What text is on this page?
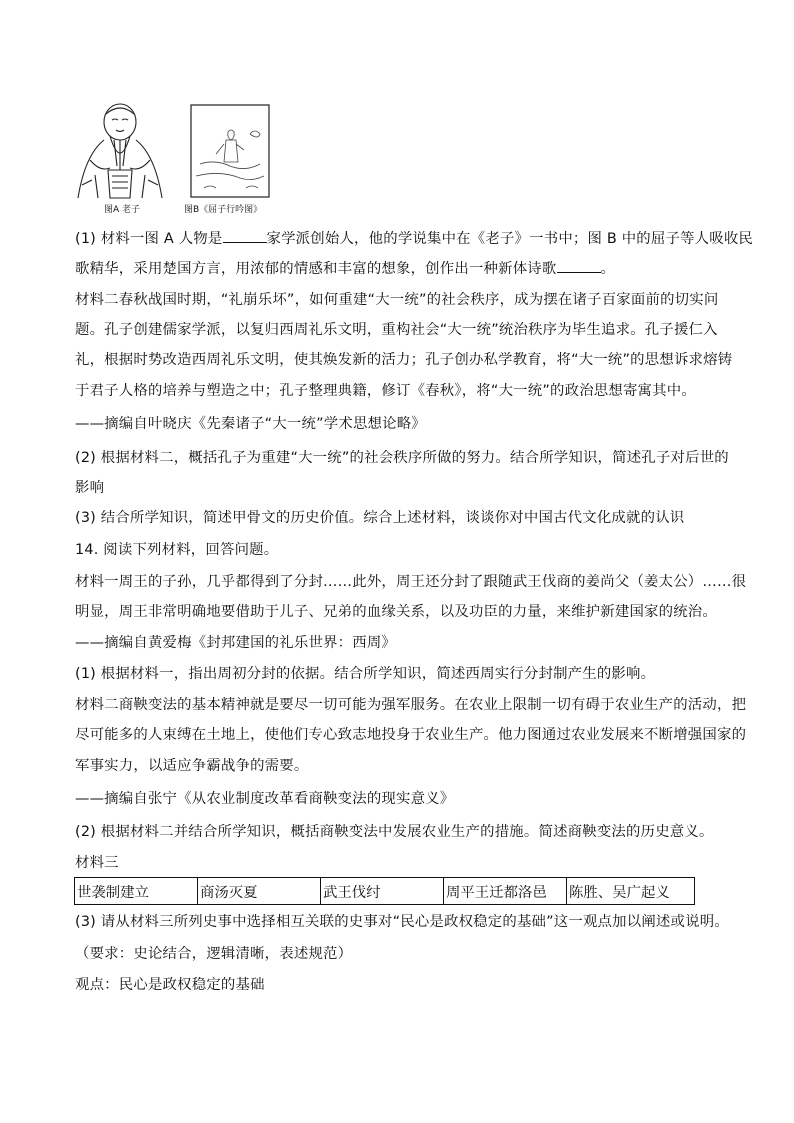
图A 老子	图B《屈子行吟图》
(1) 材料一图 A 人物是	家学派创始人，他的学说集中在《老子》一书中；图 B 中的屈子等人吸收民
歌精华，采用楚国方言，用浓郁的情感和丰富的想象，创作出一种新体诗歌	。
材料二春秋战国时期，“礼崩乐坏”，如何重建“大一统”的社会秩序，成为摆在诸子百家面前的切实问
题。孔子创建儒家学派，以复归西周礼乐文明，重构社会“大一统”统治秩序为毕生追求。孔子援仁入
礼，根据时势改造西周礼乐文明，使其焕发新的活力；孔子创办私学教育，将“大一统”的思想诉求熔铸
于君子人格的培养与塑造之中；孔子整理典籍，修订《春秋》，将“大一统”的政治思想寄寓其中。
——摘编自叶晓庆《先秦诸子“大一统”学术思想论略》
(2) 根据材料二，概括孔子为重建“大一统”的社会秩序所做的努力。结合所学知识，简述孔子对后世的
影响
(3) 结合所学知识，简述甲骨文的历史价值。综合上述材料，谈谈你对中国古代文化成就的认识
14. 阅读下列材料，回答问题。
材料一周王的子孙，几乎都得到了分封……此外，周王还分封了跟随武王伐商的姜尚父（姜太公）……很
明显，周王非常明确地要借助于儿子、兄弟的血缘关系，以及功臣的力量，来维护新建国家的统治。
——摘编自黄爱梅《封邦建国的礼乐世界：西周》
(1) 根据材料一，指出周初分封的依据。结合所学知识，简述西周实行分封制产生的影响。
材料二商鞅变法的基本精神就是要尽一切可能为强军服务。在农业上限制一切有碍于农业生产的活动，把
尽可能多的人束缚在土地上，使他们专心致志地投身于农业生产。他力图通过农业发展来不断增强国家的
军事实力，以适应争霸战争的需要。
——摘编自张宁《从农业制度改革看商鞅变法的现实意义》
(2) 根据材料二并结合所学知识，概括商鞅变法中发展农业生产的措施。简述商鞅变法的历史意义。
材料三
世袭制建立	商汤灭夏	武王伐纣	周平王迁都洛邑	陈胜、吴广起义
(3) 请从材料三所列史事中选择相互关联的史事对“民心是政权稳定的基础”这一观点加以阐述或说明。
（要求：史论结合，逻辑清晰，表述规范）
观点：民心是政权稳定的基础
